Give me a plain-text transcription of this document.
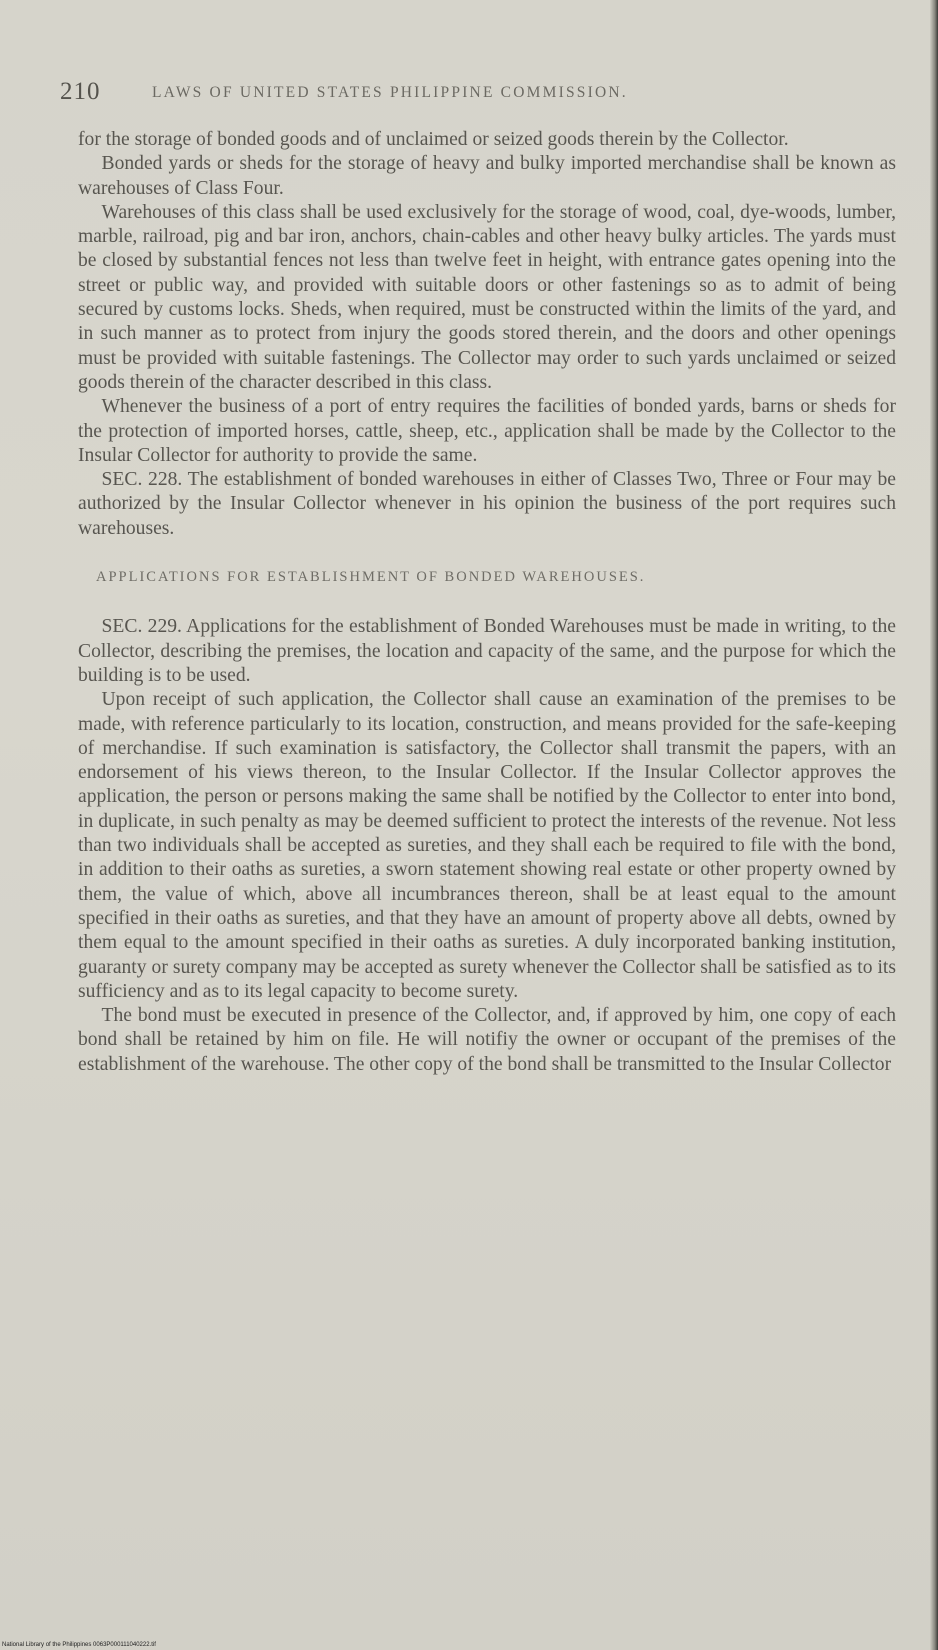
210	LAWS OF UNITED STATES PHILIPPINE COMMISSION.

for the storage of bonded goods and of unclaimed or seized goods therein by the Collector.

Bonded yards or sheds for the storage of heavy and bulky imported merchandise shall be known as warehouses of Class Four.

Warehouses of this class shall be used exclusively for the storage of wood, coal, dye-woods, lumber, marble, railroad, pig and bar iron, anchors, chain-cables and other heavy bulky articles. The yards must be closed by substantial fences not less than twelve feet in height, with entrance gates opening into the street or public way, and provided with suitable doors or other fastenings so as to admit of being secured by customs locks. Sheds, when required, must be constructed within the limits of the yard, and in such manner as to protect from injury the goods stored therein, and the doors and other openings must be provided with suitable fastenings. The Collector may order to such yards unclaimed or seized goods therein of the character described in this class.

Whenever the business of a port of entry requires the facilities of bonded yards, barns or sheds for the protection of imported horses, cattle, sheep, etc., application shall be made by the Collector to the Insular Collector for authority to provide the same.

SEC. 228. The establishment of bonded warehouses in either of Classes Two, Three or Four may be authorized by the Insular Collector whenever in his opinion the business of the port requires such warehouses.

APPLICATIONS FOR ESTABLISHMENT OF BONDED WAREHOUSES.

SEC. 229. Applications for the establishment of Bonded Warehouses must be made in writing, to the Collector, describing the premises, the location and capacity of the same, and the purpose for which the building is to be used.

Upon receipt of such application, the Collector shall cause an examination of the premises to be made, with reference particularly to its location, construction, and means provided for the safe-keeping of merchandise. If such examination is satisfactory, the Collector shall transmit the papers, with an endorsement of his views thereon, to the Insular Collector. If the Insular Collector approves the application, the person or persons making the same shall be notified by the Collector to enter into bond, in duplicate, in such penalty as may be deemed sufficient to protect the interests of the revenue. Not less than two individuals shall be accepted as sureties, and they shall each be required to file with the bond, in addition to their oaths as sureties, a sworn statement showing real estate or other property owned by them, the value of which, above all incumbrances thereon, shall be at least equal to the amount specified in their oaths as sureties, and that they have an amount of property above all debts, owned by them equal to the amount specified in their oaths as sureties. A duly incorporated banking institution, guaranty or surety company may be accepted as surety whenever the Collector shall be satisfied as to its sufficiency and as to its legal capacity to become surety.

The bond must be executed in presence of the Collector, and, if approved by him, one copy of each bond shall be retained by him on file. He will notifiy the owner or occupant of the premises of the establishment of the warehouse. The other copy of the bond shall be transmitted to the Insular Collector

National Library of the Philippines 0063P000111040222.tif
